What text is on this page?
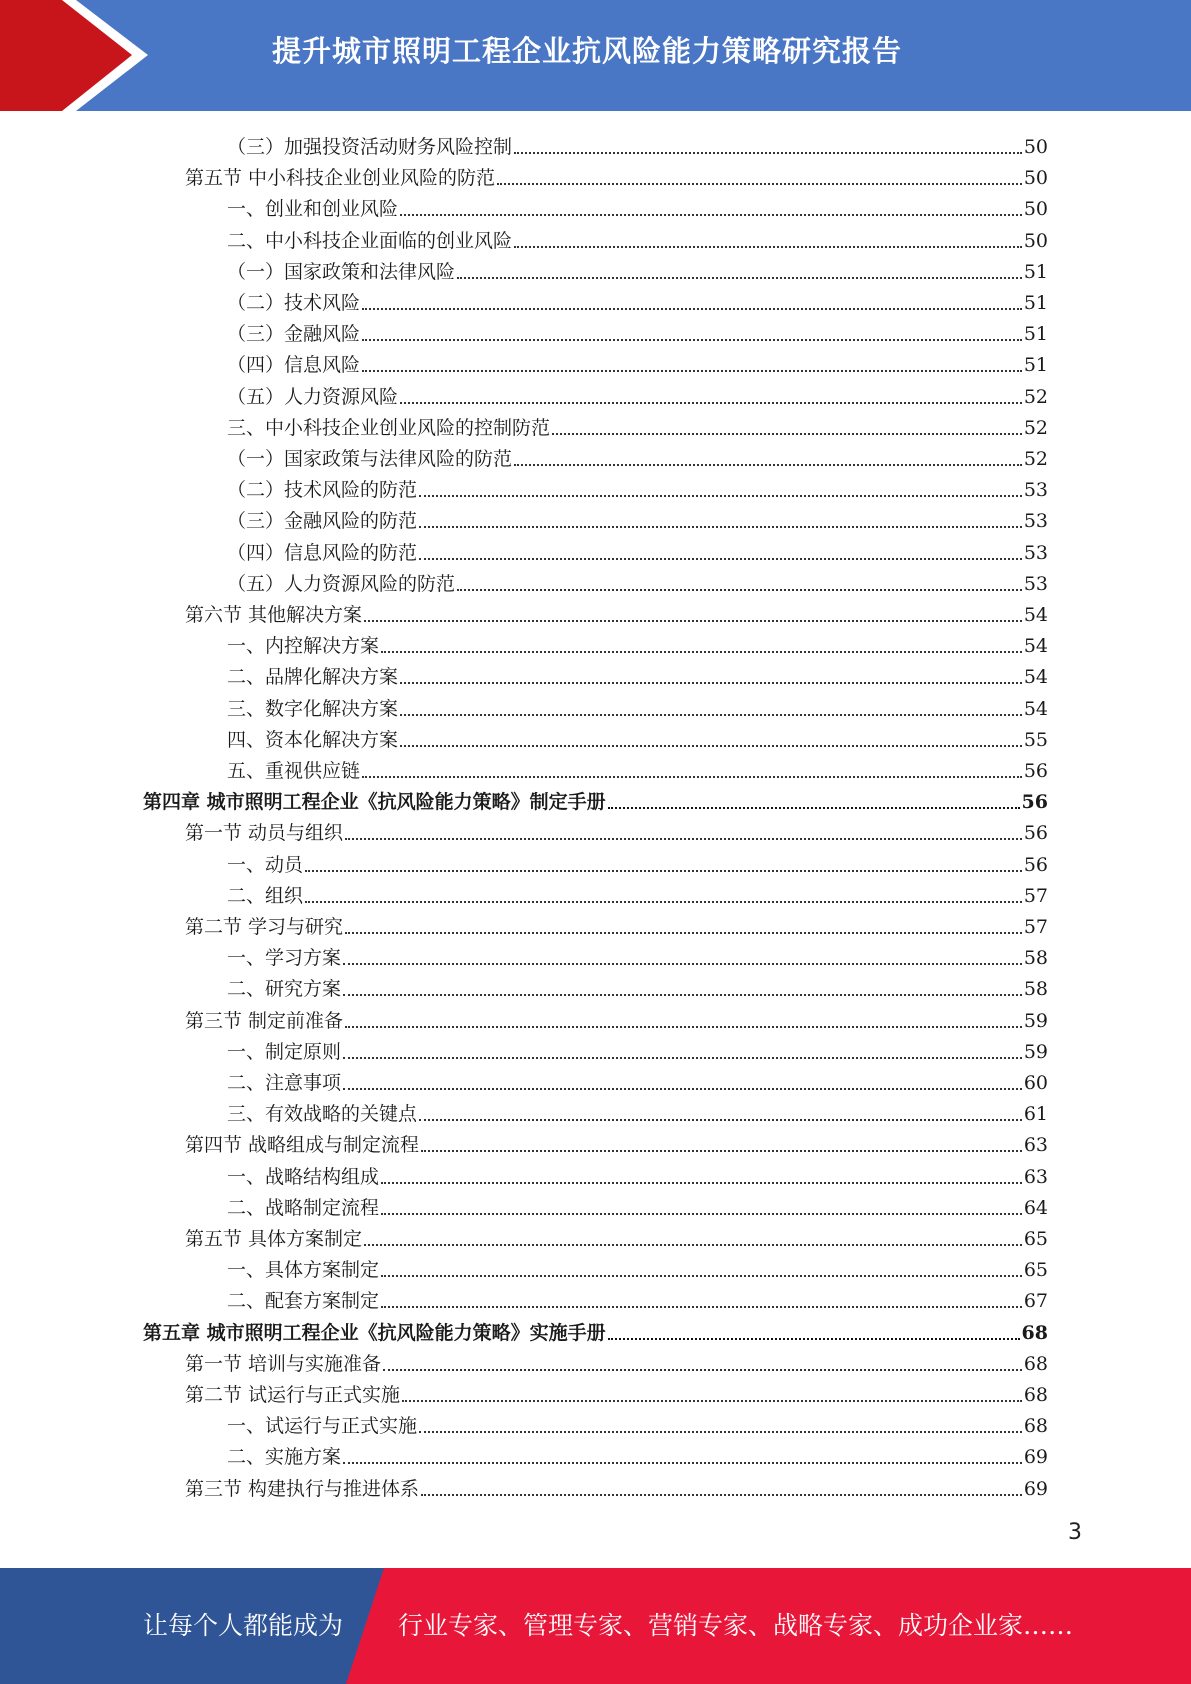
提升城市照明工程企业抗风险能力策略研究报告
（三）加强投资活动财务风险控制	50
第五节 中小科技企业创业风险的防范	50
一、创业和创业风险	50
二、中小科技企业面临的创业风险	50
（一）国家政策和法律风险	51
（二）技术风险	51
（三）金融风险	51
（四）信息风险	51
（五）人力资源风险	52
三、中小科技企业创业风险的控制防范	52
（一）国家政策与法律风险的防范	52
（二）技术风险的防范	53
（三）金融风险的防范	53
（四）信息风险的防范	53
（五）人力资源风险的防范	53
第六节 其他解决方案	54
一、内控解决方案	54
二、品牌化解决方案	54
三、数字化解决方案	54
四、资本化解决方案	55
五、重视供应链	56
第四章 城市照明工程企业《抗风险能力策略》制定手册	56
第一节 动员与组织	56
一、动员	56
二、组织	57
第二节 学习与研究	57
一、学习方案	58
二、研究方案	58
第三节 制定前准备	59
一、制定原则	59
二、注意事项	60
三、有效战略的关键点	61
第四节 战略组成与制定流程	63
一、战略结构组成	63
二、战略制定流程	64
第五节 具体方案制定	65
一、具体方案制定	65
二、配套方案制定	67
第五章 城市照明工程企业《抗风险能力策略》实施手册	68
第一节 培训与实施准备	68
第二节 试运行与正式实施	68
一、试运行与正式实施	68
二、实施方案	69
第三节 构建执行与推进体系	69
3
让每个人都能成为 行业专家、管理专家、营销专家、战略专家、成功企业家……
